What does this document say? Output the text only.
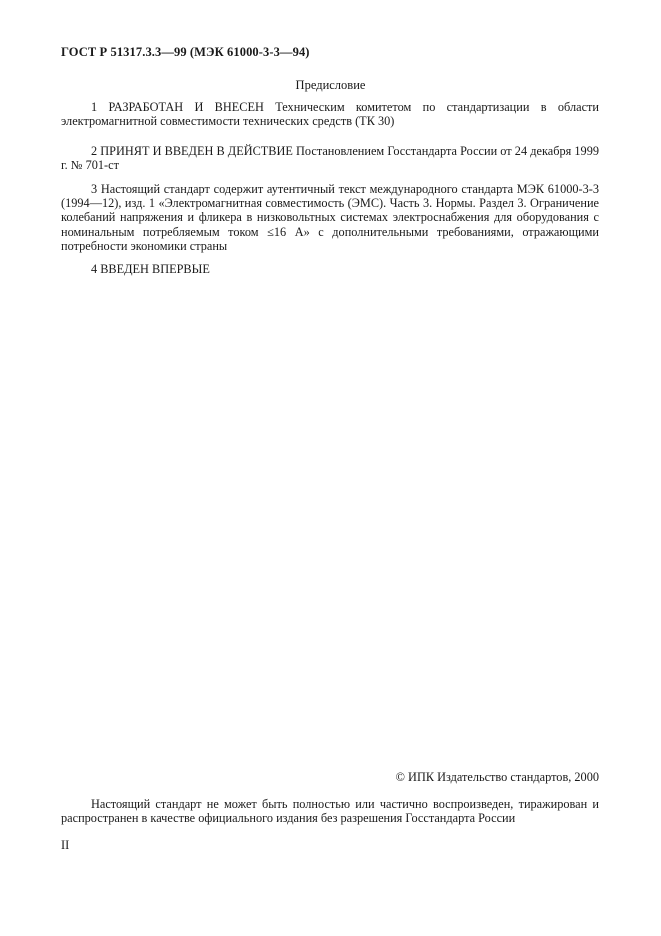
ГОСТ Р 51317.3.3—99 (МЭК 61000-3-3—94)
Предисловие
1 РАЗРАБОТАН И ВНЕСЕН Техническим комитетом по стандартизации в области электромагнитной совместимости технических средств (ТК 30)
2 ПРИНЯТ И ВВЕДЕН В ДЕЙСТВИЕ Постановлением Госстандарта России от 24 декабря 1999 г. № 701-ст
3 Настоящий стандарт содержит аутентичный текст международного стандарта МЭК 61000-3-3 (1994—12), изд. 1 «Электромагнитная совместимость (ЭМС). Часть 3. Нормы. Раздел 3. Ограничение колебаний напряжения и фликера в низковольтных системах электроснабжения для оборудования с номинальным потребляемым током ≤16 А» с дополнительными требованиями, отражающими потребности экономики страны
4 ВВЕДЕН ВПЕРВЫЕ
© ИПК Издательство стандартов, 2000
Настоящий стандарт не может быть полностью или частично воспроизведен, тиражирован и распространен в качестве официального издания без разрешения Госстандарта России
II
